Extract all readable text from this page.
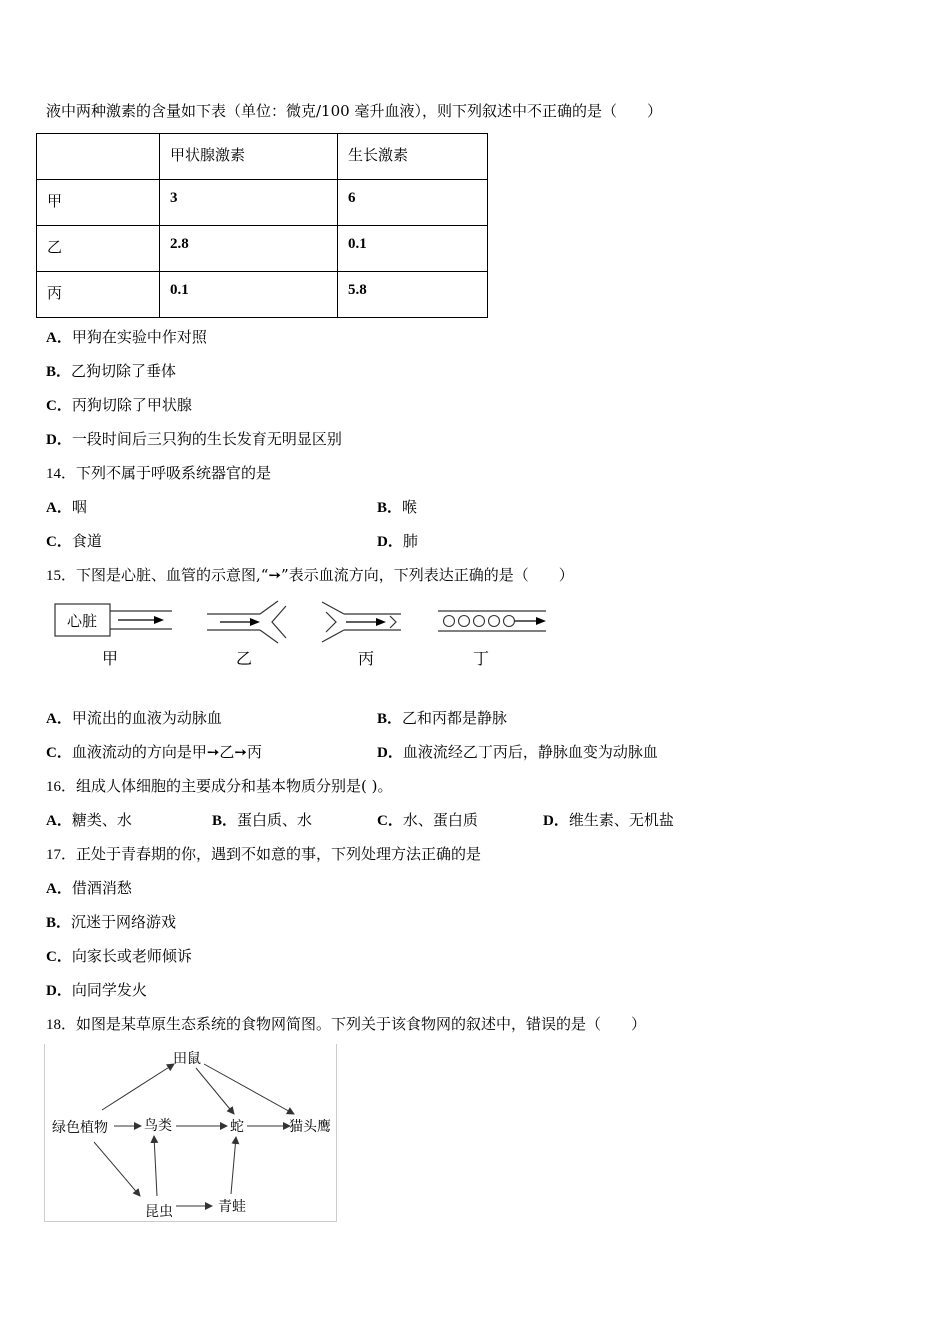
液中两种激素的含量如下表（单位：微克/100 毫升血液），则下列叙述中不正确的是（　　）
	甲状腺激素	生长激素
甲	3	6
乙	2.8	0.1
丙	0.1	5.8
A．甲狗在实验中作对照
B．乙狗切除了垂体
C．丙狗切除了甲状腺
D．一段时间后三只狗的生长发育无明显区别
14．下列不属于呼吸系统器官的是
A．咽	B．喉
C．食道	D．肺
15．下图是心脏、血管的示意图,“➙”表示血流方向，下列表达正确的是（　　）
心脏
甲	乙	丙	丁
A．甲流出的血液为动脉血	B．乙和丙都是静脉
C．血液流动的方向是甲➙乙➙丙	D．血液流经乙丁丙后，静脉血变为动脉血
16．组成人体细胞的主要成分和基本物质分别是( )。
A．糖类、水	B．蛋白质、水	C．水、蛋白质	D．维生素、无机盐
17．正处于青春期的你，遇到不如意的事，下列处理方法正确的是
A．借酒消愁
B．沉迷于网络游戏
C．向家长或老师倾诉
D．向同学发火
18．如图是某草原生态系统的食物网简图。下列关于该食物网的叙述中，错误的是（　　）
田鼠
绿色植物	鸟类	蛇	猫头鹰
昆虫	青蛙
